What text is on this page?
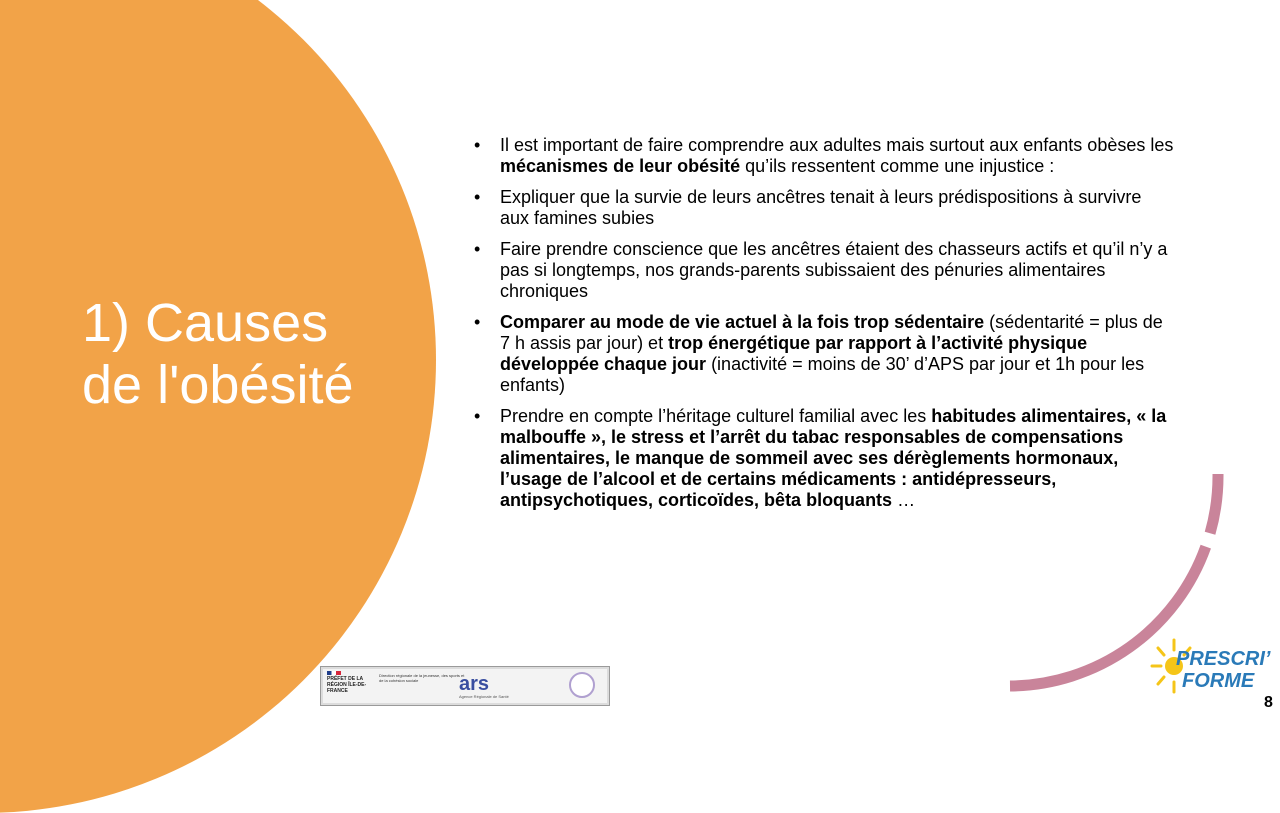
1) Causes
de l'obésité

• Il est important de faire comprendre aux adultes mais surtout aux enfants obèses les mécanismes de leur obésité qu’ils ressentent comme une injustice :

• Expliquer que la survie de leurs ancêtres tenait à leurs prédispositions à survivre aux famines subies

• Faire prendre conscience que les ancêtres étaient des chasseurs actifs et qu’il n’y a pas si longtemps, nos grands-parents subissaient des pénuries alimentaires chroniques

• Comparer au mode de vie actuel à la fois trop sédentaire (sédentarité = plus de 7 h assis par jour) et trop énergétique par rapport à l’activité physique développée chaque jour (inactivité = moins de 30’ d’APS par jour et 1h pour les enfants)

• Prendre en compte l’héritage culturel familial avec les habitudes alimentaires, « la malbouffe », le stress et l’arrêt du tabac responsables de compensations alimentaires, le manque de sommeil avec ses dérèglements hormonaux, l’usage de l’alcool et de certains médicaments : antidépresseurs, antipsychotiques, corticoïdes, bêta bloquants …

PRÉFET DE LA RÉGION ÎLE-DE-FRANCE
Direction régionale de la jeunesse, des sports et de la cohésion sociale	ars
Agence Régionale de Santé
PRESCRI’
FORME
8
